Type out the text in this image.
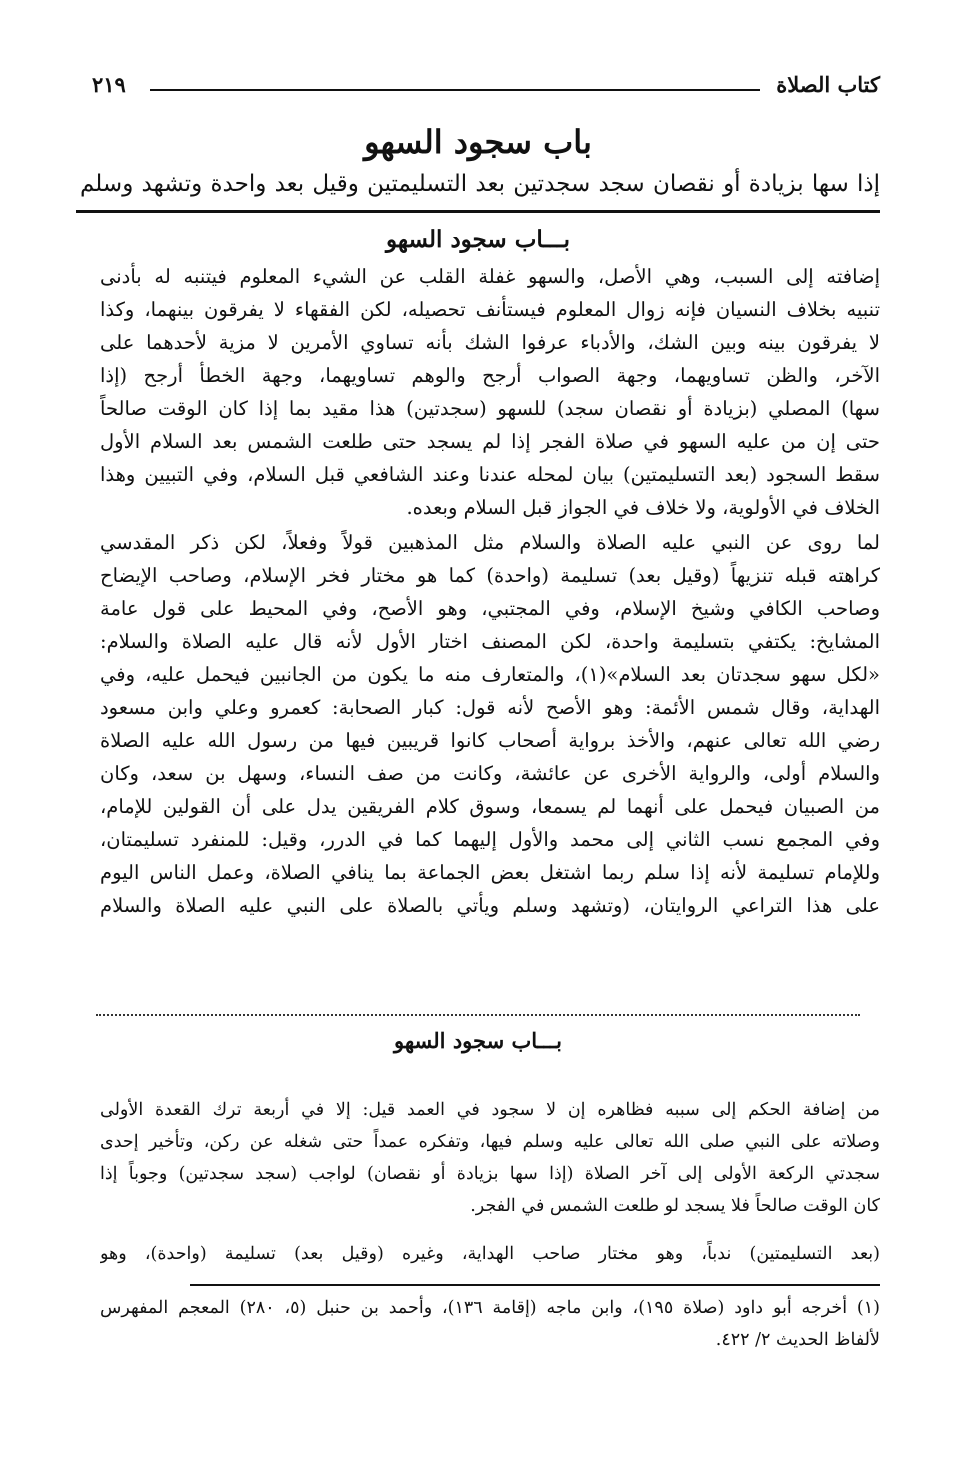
كتاب الصلاة
٢١٩
باب سجود السهو
إذا سها بزيادة أو نقصان سجد سجدتين بعد التسليمتين وقيل بعد واحدة وتشهد وسلم
بـــاب سجود السهو
إضافته إلى السبب، وهي الأصل، والسهو غفلة القلب عن الشيء المعلوم فيتنبه له بأدنى
تنبيه بخلاف النسيان فإنه زوال المعلوم فيستأنف تحصيله، لكن الفقهاء لا يفرقون بينهما، وكذا
لا يفرقون بينه وبين الشك، والأدباء عرفوا الشك بأنه تساوي الأمرين لا مزية لأحدهما على
الآخر، والظن تساويهما، وجهة الصواب أرجح والوهم تساويهما، وجهة الخطأ أرجح (إذا
سها) المصلي (بزيادة أو نقصان سجد) للسهو (سجدتين) هذا مقيد بما إذا كان الوقت صالحاً
حتى إن من عليه السهو في صلاة الفجر إذا لم يسجد حتى طلعت الشمس بعد السلام الأول
سقط السجود (بعد التسليمتين) بيان لمحله عندنا وعند الشافعي قبل السلام، وفي التبيين وهذا
الخلاف في الأولوية، ولا خلاف في الجواز قبل السلام وبعده.
لما روى عن النبي عليه الصلاة والسلام مثل المذهبين قولاً وفعلاً، لكن ذكر المقدسي
كراهته قبله تنزيهاً (وقيل بعد) تسليمة (واحدة) كما هو مختار فخر الإسلام، وصاحب الإيضاح
وصاحب الكافي وشيخ الإسلام، وفي المجتبي، وهو الأصح، وفي المحيط على قول عامة
المشايخ: يكتفي بتسليمة واحدة، لكن المصنف اختار الأول لأنه قال عليه الصلاة والسلام:
«لكل سهو سجدتان بعد السلام»(١)، والمتعارف منه ما يكون من الجانبين فيحمل عليه، وفي
الهداية، وقال شمس الأئمة: وهو الأصح لأنه قول: كبار الصحابة: كعمرو وعلي وابن مسعود
رضي الله تعالى عنهم، والأخذ برواية أصحاب كانوا قريبين فيها من رسول الله عليه الصلاة
والسلام أولى، والرواية الأخرى عن عائشة، وكانت من صف النساء، وسهل بن سعد، وكان
من الصبيان فيحمل على أنهما لم يسمعا، وسوق كلام الفريقين يدل على أن القولين للإمام،
وفي المجمع نسب الثاني إلى محمد والأول إليهما كما في الدرر، وقيل: للمنفرد تسليمتان،
وللإمام تسليمة لأنه إذا سلم ربما اشتغل بعض الجماعة بما ينافي الصلاة، وعمل الناس اليوم
على هذا التراعي الروايتان، (وتشهد وسلم ويأتي بالصلاة على النبي عليه الصلاة والسلام
بـــاب سجود السهو
من إضافة الحكم إلى سببه فظاهره إن لا سجود في العمد قيل: إلا في أربعة ترك القعدة الأولى
وصلاته على النبي صلى الله تعالى عليه وسلم فيها، وتفكره عمداً حتى شغله عن ركن، وتأخير إحدى
سجدتي الركعة الأولى إلى آخر الصلاة (إذا سها بزيادة أو نقصان) لواجب (سجد سجدتين) وجوباً إذا
كان الوقت صالحاً فلا يسجد لو طلعت الشمس في الفجر.
(بعد التسليمتين) ندباً، وهو مختار صاحب الهداية، وغيره (وقيل بعد) تسليمة (واحدة)، وهو
(١) أخرجه أبو داود (صلاة ١٩٥)، وابن ماجه (إقامة ١٣٦)، وأحمد بن حنبل (٥، ٢٨٠) المعجم المفهرس
لألفاظ الحديث ٢/ ٤٢٢.
